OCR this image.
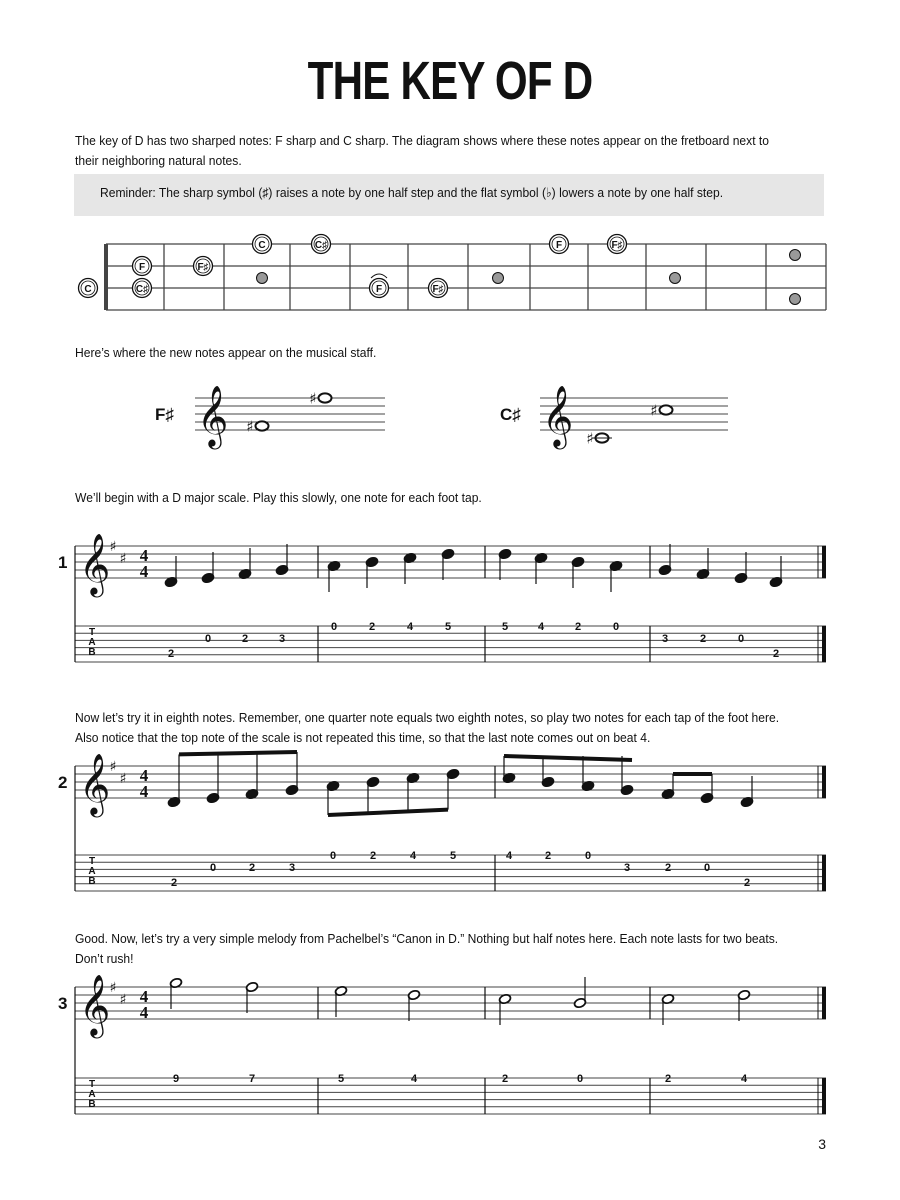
THE KEY OF D
The key of D has two sharped notes: F sharp and C sharp. The diagram shows where these notes appear on the fretboard next to their neighboring natural notes.
Reminder: The sharp symbol (♯) raises a note by one half step and the flat symbol (♭) lowers a note by one half step.
Here’s where the new notes appear on the musical staff.
We’ll begin with a D major scale. Play this slowly, one note for each foot tap.
Now let’s try it in eighth notes. Remember, one quarter note equals two eighth notes, so play two notes for each tap of the foot here. Also notice that the top note of the scale is not repeated this time, so that the last note comes out on beat 4.
Good. Now, let’s try a very simple melody from Pachelbel’s “Canon in D.” Nothing but half notes here. Each note lasts for two beats. Don’t rush!
C
F
C♯
F♯
C	C♯
F	F♯
F	F♯
𝄞
F♯
♯
♯	𝄞
C♯
♯
♯
1 𝄞 ♯
♯ 4
4
T
A
B	2
0	2	3
0	2	4	5	5	4	2	0
3	2	0
2
2 𝄞 ♯
♯ 4
4
T
A
B	2
0	2	3
0	2	4	5	4	2	0
3	2	0
2
3 𝄞 ♯
♯ 4
4
T
A
B
9	7	5	4	2	0	2	4
3
